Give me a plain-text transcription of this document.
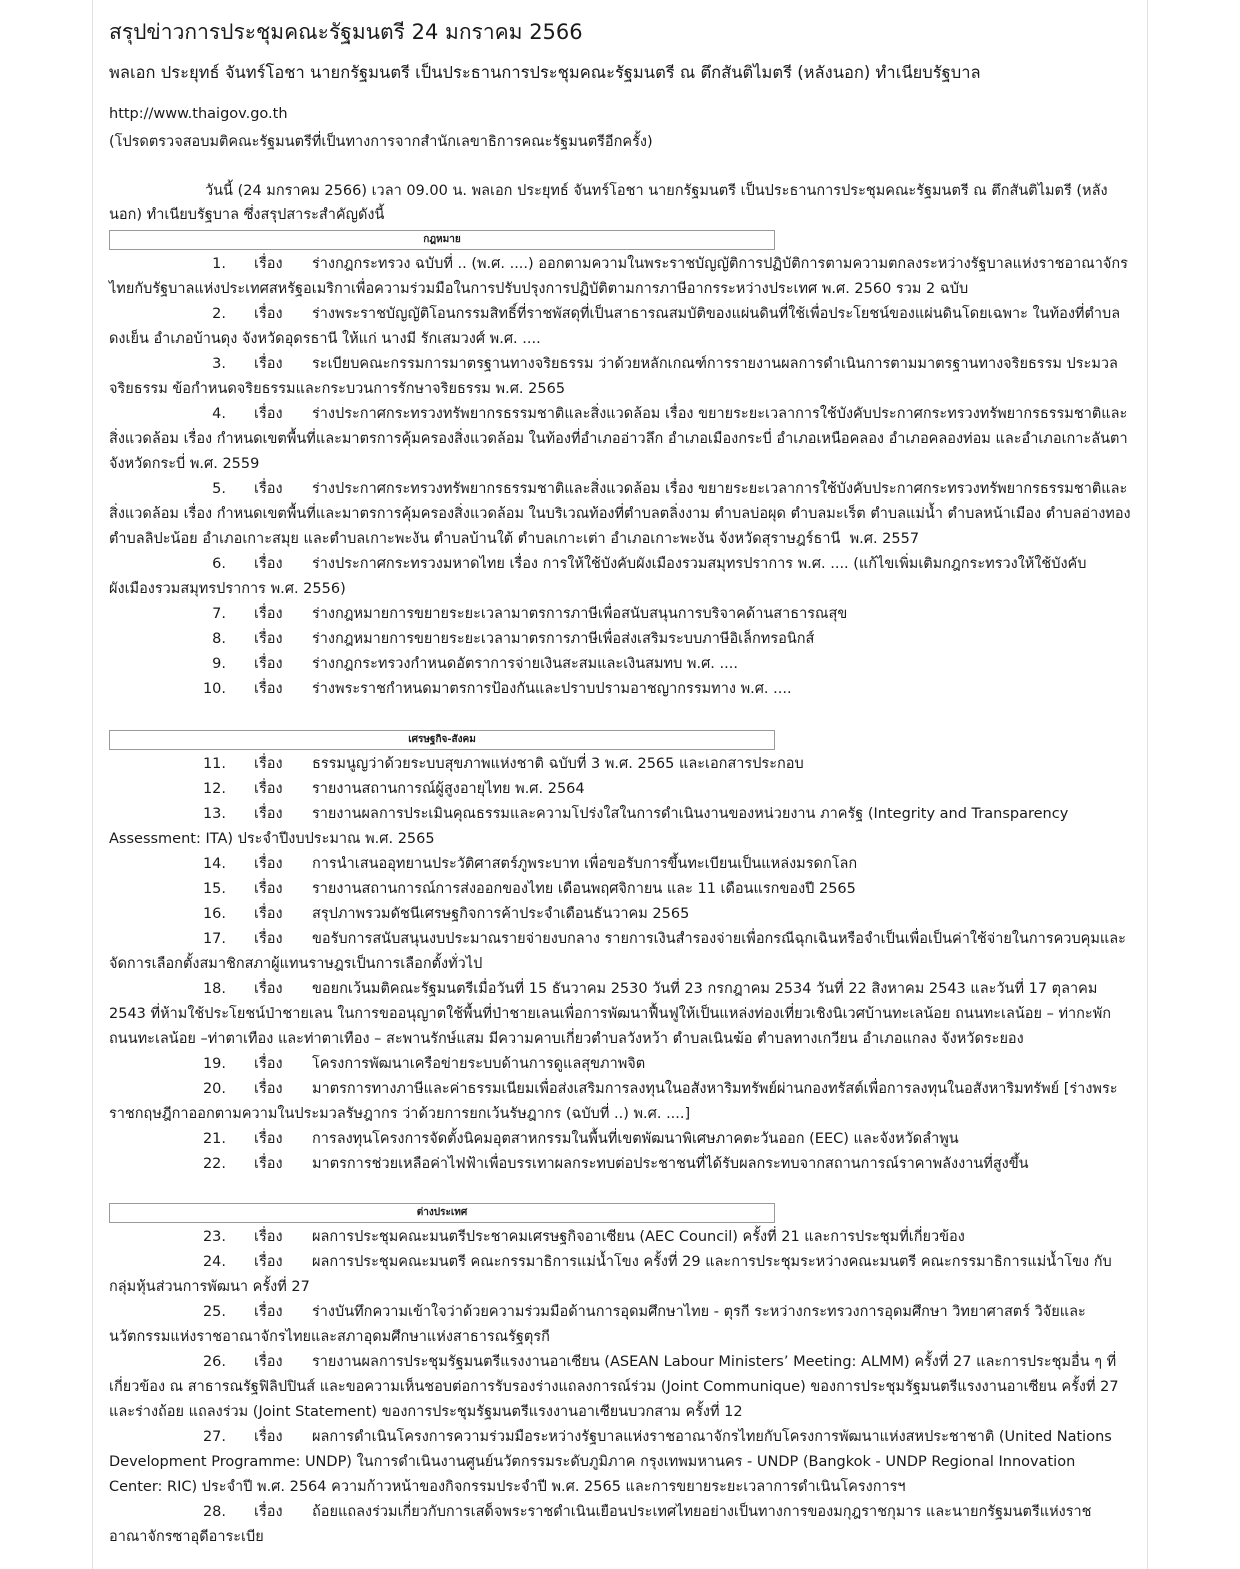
สรุปข่าวการประชุมคณะรัฐมนตรี 24 มกราคม 2566
พลเอก ประยุทธ์ จันทร์โอชา นายกรัฐมนตรี เป็นประธานการประชุมคณะรัฐมนตรี ณ ตึกสันติไมตรี (หลังนอก) ทำเนียบรัฐบาล
http://www.thaigov.go.th
(โปรดตรวจสอบมติคณะรัฐมนตรีที่เป็นทางการจากสำนักเลขาธิการคณะรัฐมนตรีอีกครั้ง)
วันนี้ (24 มกราคม 2566) เวลา 09.00 น. พลเอก ประยุทธ์ จันทร์โอชา นายกรัฐมนตรี เป็นประธานการประชุมคณะรัฐมนตรี ณ ตึกสันติไมตรี (หลังนอก) ทำเนียบรัฐบาล ซึ่งสรุปสาระสำคัญดังนี้
กฎหมาย
เศรษฐกิจ-สังคม
ต่างประเทศ
1. เรื่อง ร่างกฎกระทรวง ฉบับที่ .. (พ.ศ. ....) ออกตามความในพระราชบัญญัติการปฏิบัติการตามความตกลงระหว่างรัฐบาลแห่งราชอาณาจักรไทยกับรัฐบาลแห่งประเทศสหรัฐอเมริกาเพื่อความร่วมมือในการปรับปรุงการปฏิบัติตามการภาษีอากรระหว่างประเทศ พ.ศ. 2560 รวม 2 ฉบับ
2. เรื่อง ร่างพระราชบัญญัติโอนกรรมสิทธิ์ที่ราชพัสดุที่เป็นสาธารณสมบัติของแผ่นดินที่ใช้เพื่อประโยชน์ของแผ่นดินโดยเฉพาะ ในท้องที่ตำบลดงเย็น อำเภอบ้านดุง จังหวัดอุดรธานี ให้แก่ นางมี รักเสมวงศ์ พ.ศ. ....
3. เรื่อง ระเบียบคณะกรรมการมาตรฐานทางจริยธรรม ว่าด้วยหลักเกณฑ์การรายงานผลการดำเนินการตามมาตรฐานทางจริยธรรม ประมวลจริยธรรม ข้อกำหนดจริยธรรมและกระบวนการรักษาจริยธรรม พ.ศ. 2565
4. เรื่อง ร่างประกาศกระทรวงทรัพยากรธรรมชาติและสิ่งแวดล้อม เรื่อง ขยายระยะเวลาการใช้บังคับประกาศกระทรวงทรัพยากรธรรมชาติและสิ่งแวดล้อม เรื่อง กำหนดเขตพื้นที่และมาตรการคุ้มครองสิ่งแวดล้อม ในท้องที่อำเภออ่าวลึก อำเภอเมืองกระบี่ อำเภอเหนือคลอง อำเภอคลองท่อม และอำเภอเกาะลันตา จังหวัดกระบี่ พ.ศ. 2559
5. เรื่อง ร่างประกาศกระทรวงทรัพยากรธรรมชาติและสิ่งแวดล้อม เรื่อง ขยายระยะเวลาการใช้บังคับประกาศกระทรวงทรัพยากรธรรมชาติและสิ่งแวดล้อม เรื่อง กำหนดเขตพื้นที่และมาตรการคุ้มครองสิ่งแวดล้อม ในบริเวณท้องที่ตำบลตลิ่งงาม ตำบลบ่อผุด ตำบลมะเร็ต ตำบลแม่น้ำ ตำบลหน้าเมือง ตำบลอ่างทอง ตำบลลิปะน้อย อำเภอเกาะสมุย และตำบลเกาะพะงัน ตำบลบ้านใต้ ตำบลเกาะเต่า อำเภอเกาะพะงัน จังหวัดสุราษฎร์ธานี  พ.ศ. 2557
6. เรื่อง ร่างประกาศกระทรวงมหาดไทย เรื่อง การให้ใช้บังคับผังเมืองรวมสมุทรปราการ พ.ศ. .... (แก้ไขเพิ่มเติมกฎกระทรวงให้ใช้บังคับผังเมืองรวมสมุทรปราการ พ.ศ. 2556)
7. เรื่อง ร่างกฎหมายการขยายระยะเวลามาตรการภาษีเพื่อสนับสนุนการบริจาคด้านสาธารณสุข
8. เรื่อง ร่างกฎหมายการขยายระยะเวลามาตรการภาษีเพื่อส่งเสริมระบบภาษีอิเล็กทรอนิกส์
9. เรื่อง ร่างกฎกระทรวงกำหนดอัตราการจ่ายเงินสะสมและเงินสมทบ พ.ศ. ....
10. เรื่อง ร่างพระราชกำหนดมาตรการป้องกันและปราบปรามอาชญากรรมทาง พ.ศ. ....
11. เรื่อง ธรรมนูญว่าด้วยระบบสุขภาพแห่งชาติ ฉบับที่ 3 พ.ศ. 2565 และเอกสารประกอบ
12. เรื่อง รายงานสถานการณ์ผู้สูงอายุไทย พ.ศ. 2564
13. เรื่อง รายงานผลการประเมินคุณธรรมและความโปร่งใสในการดำเนินงานของหน่วยงาน ภาครัฐ (Integrity and Transparency Assessment: ITA) ประจำปีงบประมาณ พ.ศ. 2565
14. เรื่อง การนำเสนออุทยานประวัติศาสตร์ภูพระบาท เพื่อขอรับการขึ้นทะเบียนเป็นแหล่งมรดกโลก
15. เรื่อง รายงานสถานการณ์การส่งออกของไทย เดือนพฤศจิกายน และ 11 เดือนแรกของปี 2565
16. เรื่อง สรุปภาพรวมดัชนีเศรษฐกิจการค้าประจำเดือนธันวาคม 2565
17. เรื่อง ขอรับการสนับสนุนงบประมาณรายจ่ายงบกลาง รายการเงินสำรองจ่ายเพื่อกรณีฉุกเฉินหรือจำเป็นเพื่อเป็นค่าใช้จ่ายในการควบคุมและจัดการเลือกตั้งสมาชิกสภาผู้แทนราษฎรเป็นการเลือกตั้งทั่วไป
18. เรื่อง ขอยกเว้นมติคณะรัฐมนตรีเมื่อวันที่ 15 ธันวาคม 2530 วันที่ 23 กรกฎาคม 2534 วันที่ 22 สิงหาคม 2543 และวันที่ 17 ตุลาคม 2543 ที่ห้ามใช้ประโยชน์ป่าชายเลน ในการขออนุญาตใช้พื้นที่ป่าชายเลนเพื่อการพัฒนาฟื้นฟูให้เป็นแหล่งท่องเที่ยวเชิงนิเวศบ้านทะเลน้อย ถนนทะเลน้อย – ท่ากะพัก ถนนทะเลน้อย –ท่าตาเทือง และท่าตาเทือง – สะพานรักษ์แสม มีความคาบเกี่ยวตำบลวังหว้า ตำบลเนินฆ้อ ตำบลทางเกวียน อำเภอแกลง จังหวัดระยอง
19. เรื่อง โครงการพัฒนาเครือข่ายระบบด้านการดูแลสุขภาพจิต
20. เรื่อง มาตรการทางภาษีและค่าธรรมเนียมเพื่อส่งเสริมการลงทุนในอสังหาริมทรัพย์ผ่านกองทรัสต์เพื่อการลงทุนในอสังหาริมทรัพย์ [ร่างพระราชกฤษฎีกาออกตามความในประมวลรัษฎากร ว่าด้วยการยกเว้นรัษฎากร (ฉบับที่ ..) พ.ศ. ....]
21. เรื่อง การลงทุนโครงการจัดตั้งนิคมอุตสาหกรรมในพื้นที่เขตพัฒนาพิเศษภาคตะวันออก (EEC) และจังหวัดลำพูน
22. เรื่อง มาตรการช่วยเหลือค่าไฟฟ้าเพื่อบรรเทาผลกระทบต่อประชาชนที่ได้รับผลกระทบจากสถานการณ์ราคาพลังงานที่สูงขึ้น
23. เรื่อง ผลการประชุมคณะมนตรีประชาคมเศรษฐกิจอาเซียน (AEC Council) ครั้งที่ 21 และการประชุมที่เกี่ยวข้อง
24. เรื่อง ผลการประชุมคณะมนตรี คณะกรรมาธิการแม่น้ำโขง ครั้งที่ 29 และการประชุมระหว่างคณะมนตรี คณะกรรมาธิการแม่น้ำโขง กับกลุ่มหุ้นส่วนการพัฒนา ครั้งที่ 27
25. เรื่อง ร่างบันทึกความเข้าใจว่าด้วยความร่วมมือด้านการอุดมศึกษาไทย - ตุรกี ระหว่างกระทรวงการอุดมศึกษา วิทยาศาสตร์ วิจัยและนวัตกรรมแห่งราชอาณาจักรไทยและสภาอุดมศึกษาแห่งสาธารณรัฐตุรกี
26. เรื่อง รายงานผลการประชุมรัฐมนตรีแรงงานอาเซียน (ASEAN Labour Ministers’ Meeting: ALMM) ครั้งที่ 27 และการประชุมอื่น ๆ ที่เกี่ยวข้อง ณ สาธารณรัฐฟิลิปปินส์ และขอความเห็นชอบต่อการรับรองร่างแถลงการณ์ร่วม (Joint Communique) ของการประชุมรัฐมนตรีแรงงานอาเซียน ครั้งที่ 27 และร่างถ้อย แถลงร่วม (Joint Statement) ของการประชุมรัฐมนตรีแรงงานอาเซียนบวกสาม ครั้งที่ 12
27. เรื่อง ผลการดำเนินโครงการความร่วมมือระหว่างรัฐบาลแห่งราชอาณาจักรไทยกับโครงการพัฒนาแห่งสหประชาชาติ (United Nations Development Programme: UNDP) ในการดำเนินงานศูนย์นวัตกรรมระดับภูมิภาค กรุงเทพมหานคร - UNDP (Bangkok - UNDP Regional Innovation Center: RIC) ประจำปี พ.ศ. 2564 ความก้าวหน้าของกิจกรรมประจำปี พ.ศ. 2565 และการขยายระยะเวลาการดำเนินโครงการฯ
28. เรื่อง ถ้อยแถลงร่วมเกี่ยวกับการเสด็จพระราชดำเนินเยือนประเทศไทยอย่างเป็นทางการของมกุฎราชกุมาร และนายกรัฐมนตรีแห่งราชอาณาจักรซาอุดีอาระเบีย
